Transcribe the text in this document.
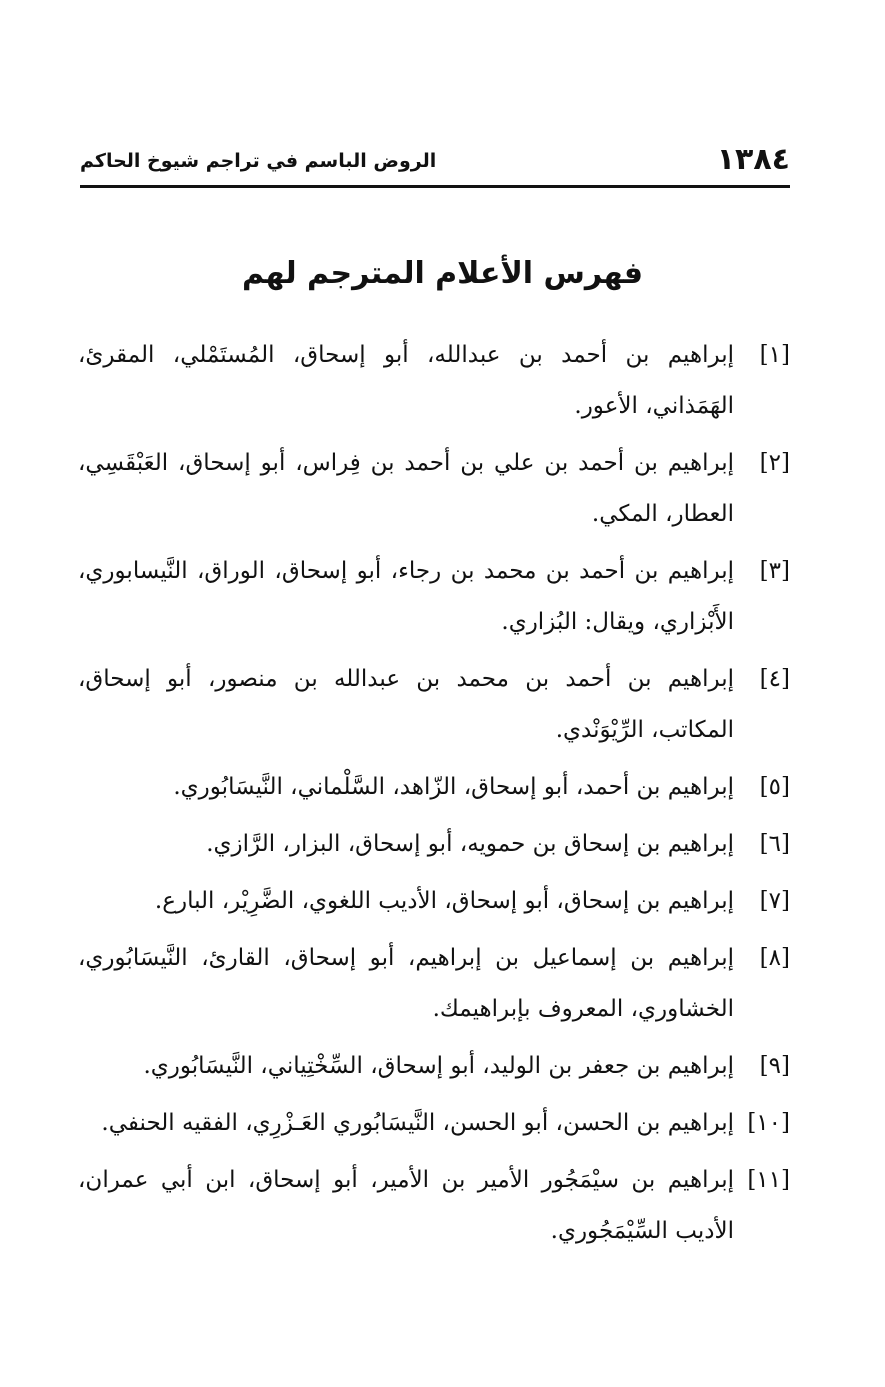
١٣٨٤
الروض الباسم في تراجم شيوخ الحاكم
فهرس الأعلام المترجم لهم
[١]
إبراهيم بن أحمد بن عبدالله، أبو إسحاق، المُستَمْلي، المقرئ، الهَمَذاني، الأعور.
[٢]
إبراهيم بن أحمد بن علي بن أحمد بن فِراس، أبو إسحاق، العَبْقَسِي، العطار، المكي.
[٣]
إبراهيم بن أحمد بن محمد بن رجاء، أبو إسحاق، الوراق، النَّيسابوري، الأَبْزاري، ويقال: البُزاري.
[٤]
إبراهيم بن أحمد بن محمد بن عبدالله بن منصور، أبو إسحاق، المكاتب، الرِّيْوَنْدي.
[٥]
إبراهيم بن أحمد، أبو إسحاق، الزّاهد، السَّلْماني، النَّيسَابُوري.
[٦]
إبراهيم بن إسحاق بن حمويه، أبو إسحاق، البزار، الرَّازي.
[٧]
إبراهيم بن إسحاق، أبو إسحاق، الأديب اللغوي، الضَّرِيْر، البارع.
[٨]
إبراهيم بن إسماعيل بن إبراهيم، أبو إسحاق، القارئ، النَّيسَابُوري، الخشاوري، المعروف بإبراهيمك.
[٩]
إبراهيم بن جعفر بن الوليد، أبو إسحاق، السِّخْتِياني، النَّيسَابُوري.
[١٠]
إبراهيم بن الحسن، أبو الحسن، النَّيسَابُوري العَـزْرِي، الفقيه الحنفي.
[١١]
إبراهيم بن سيْمَجُور الأمير بن الأمير، أبو إسحاق، ابن أبي عمران، الأديب السِّيْمَجُوري.
